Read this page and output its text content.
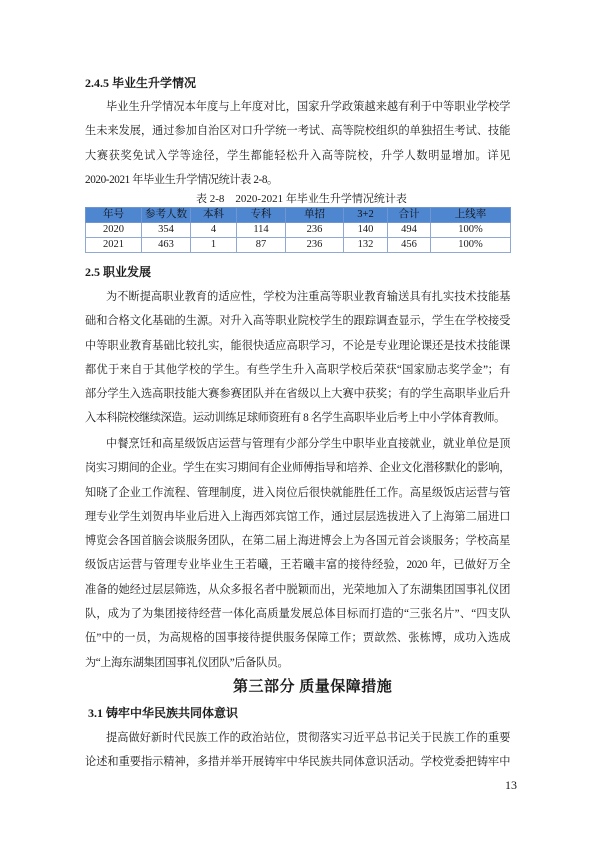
2.4.5 毕业生升学情况
毕业生升学情况本年度与上年度对比，国家升学政策越来越有利于中等职业学校学
生未来发展，通过参加自治区对口升学统一考试、高等院校组织的单独招生考试、技能
大赛获奖免试入学等途径，学生都能轻松升入高等院校，升学人数明显增加。详见
2020-2021 年毕业生升学情况统计表 2-8。
表 2-8    2020-2021 年毕业生升学情况统计表
年号	参考人数	本科	专科	单招	3+2	合计	上线率
2020	354	4	114	236	140	494	100%
2021	463	1	87	236	132	456	100%
2.5 职业发展
为不断提高职业教育的适应性，学校为注重高等职业教育输送具有扎实技术技能基
础和合格文化基础的生源。对升入高等职业院校学生的跟踪调查显示，学生在学校接受
中等职业教育基础比较扎实，能很快适应高职学习，不论是专业理论课还是技术技能课
都优于来自于其他学校的学生。有些学生升入高职学校后荣获“国家励志奖学金”；有
部分学生入选高职技能大赛参赛团队并在省级以上大赛中获奖；有的学生高职毕业后升
入本科院校继续深造。运动训练足球师资班有 8 名学生高职毕业后考上中小学体育教师。
中餐烹饪和高星级饭店运营与管理有少部分学生中职毕业直接就业，就业单位是顶
岗实习期间的企业。学生在实习期间有企业师傅指导和培养、企业文化潜移默化的影响，
知晓了企业工作流程、管理制度，进入岗位后很快就能胜任工作。高星级饭店运营与管
理专业学生刘贺冉毕业后进入上海西郊宾馆工作，通过层层选拔进入了上海第二届进口
博览会各国首脑会谈服务团队，在第二届上海进博会上为各国元首会谈服务；学校高星
级饭店运营与管理专业毕业生王若曦，王若曦丰富的接待经验，2020 年，已做好万全
准备的她经过层层筛选，从众多报名者中脱颖而出，光荣地加入了东湖集团国事礼仪团
队，成为了为集团接待经营一体化高质量发展总体目标而打造的“三张名片”、“四支队
伍”中的一员，为高规格的国事接待提供服务保障工作；贾歆然、张栋博，成功入选成
为“上海东湖集团国事礼仪团队”后备队员。
第三部分 质量保障措施
3.1 铸牢中华民族共同体意识
提高做好新时代民族工作的政治站位，贯彻落实习近平总书记关于民族工作的重要
论述和重要指示精神，多措并举开展铸牢中华民族共同体意识活动。学校党委把铸牢中
13
